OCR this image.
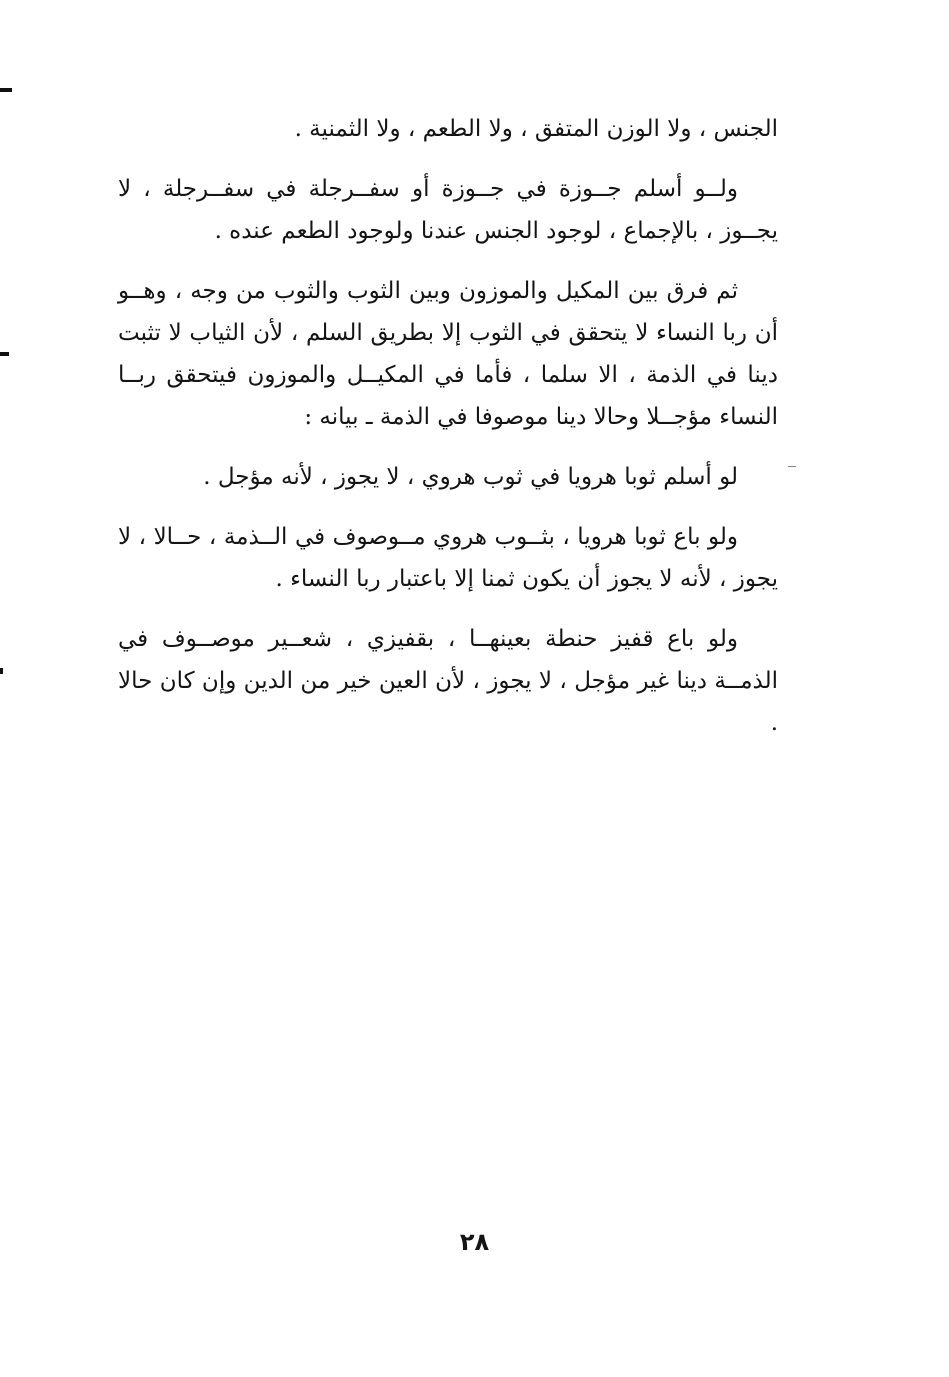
الجنس ، ولا الوزن المتفق ، ولا الطعم ، ولا الثمنية .

ولــو أسلم جــوزة في جــوزة أو سفــرجلة في سفــرجلة ، لا يجــوز ، بالإجماع ، لوجود الجنس عندنا ولوجود الطعم عنده .

ثم فرق بين المكيل والموزون وبين الثوب والثوب من وجه ، وهــو أن ربا النساء لا يتحقق في الثوب إلا بطريق السلم ، لأن الثياب لا تثبت دينا في الذمة ، الا سلما ، فأما في المكيــل والموزون فيتحقق ربــا النساء مؤجــلا وحالا دينا موصوفا في الذمة ـ بيانه :

لو أسلم ثوبا هرويا في ثوب هروي ، لا يجوز ، لأنه مؤجل .

ولو باع ثوبا هرويا ، بثــوب هروي مــوصوف في الــذمة ، حــالا ، لا يجوز ، لأنه لا يجوز أن يكون ثمنا إلا باعتبار ربا النساء .

ولو باع قفيز حنطة بعينهــا ، بقفيزي ، شعــير موصــوف في الذمــة دينا غير مؤجل ، لا يجوز ، لأن العين خير من الدين وإن كان حالا .

٢٨
